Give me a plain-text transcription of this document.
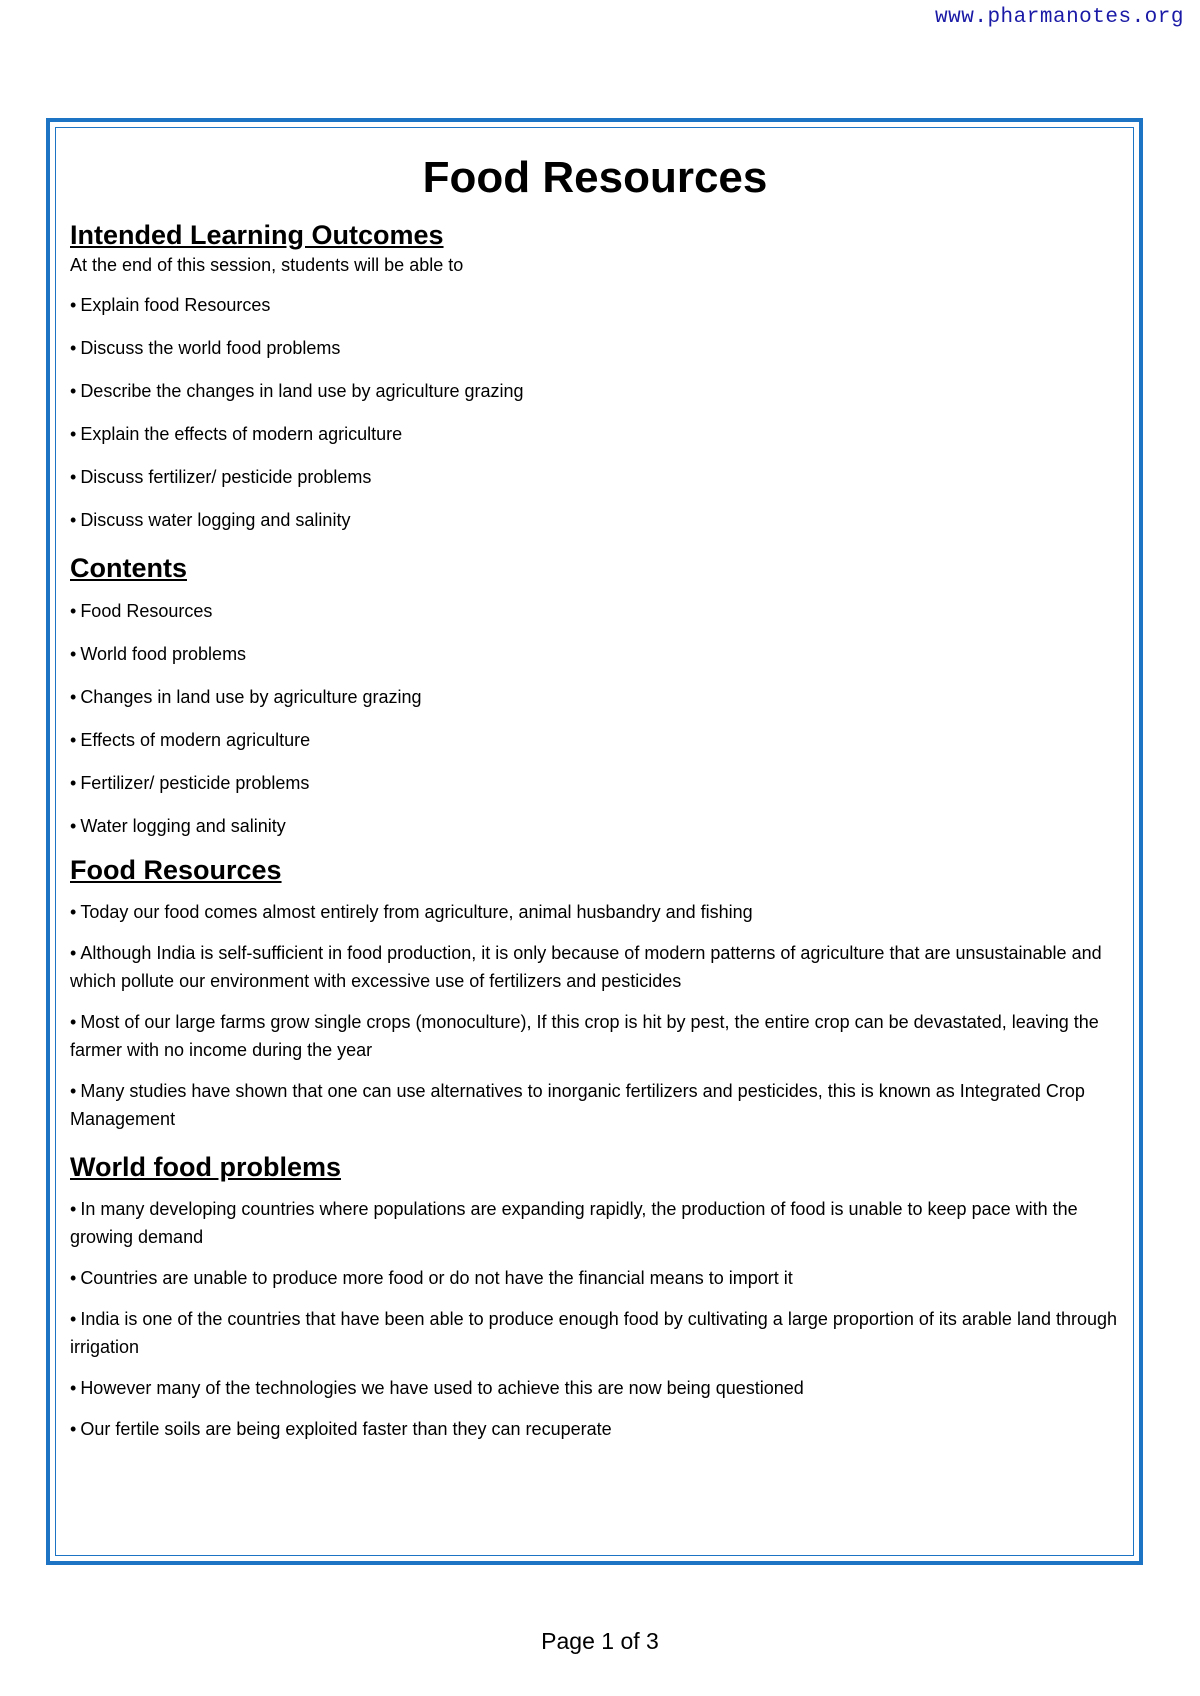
www.pharmanotes.org
Food Resources
Intended Learning Outcomes

At the end of this session, students will be able to

• Explain food Resources

• Discuss the world food problems

• Describe the changes in land use by agriculture grazing

• Explain the effects of modern agriculture

• Discuss fertilizer/ pesticide problems

• Discuss water logging and salinity

Contents

• Food Resources

• World food problems

• Changes in land use by agriculture grazing

• Effects of modern agriculture

• Fertilizer/ pesticide problems

• Water logging and salinity

Food Resources

• Today our food comes almost entirely from agriculture, animal husbandry and fishing

• Although India is self-sufficient in food production, it is only because of modern patterns of agriculture that are unsustainable and which pollute our environment with excessive use of fertilizers and pesticides

• Most of our large farms grow single crops (monoculture), If this crop is hit by pest, the entire crop can be devastated, leaving the farmer with no income during the year

• Many studies have shown that one can use alternatives to inorganic fertilizers and pesticides, this is known as Integrated Crop Management

World food problems

• In many developing countries where populations are expanding rapidly, the production of food is unable to keep pace with the growing demand

• Countries are unable to produce more food or do not have the financial means to import it

• India is one of the countries that have been able to produce enough food by cultivating a large proportion of its arable land through irrigation

• However many of the technologies we have used to achieve this are now being questioned

• Our fertile soils are being exploited faster than they can recuperate

Page 1 of 3
